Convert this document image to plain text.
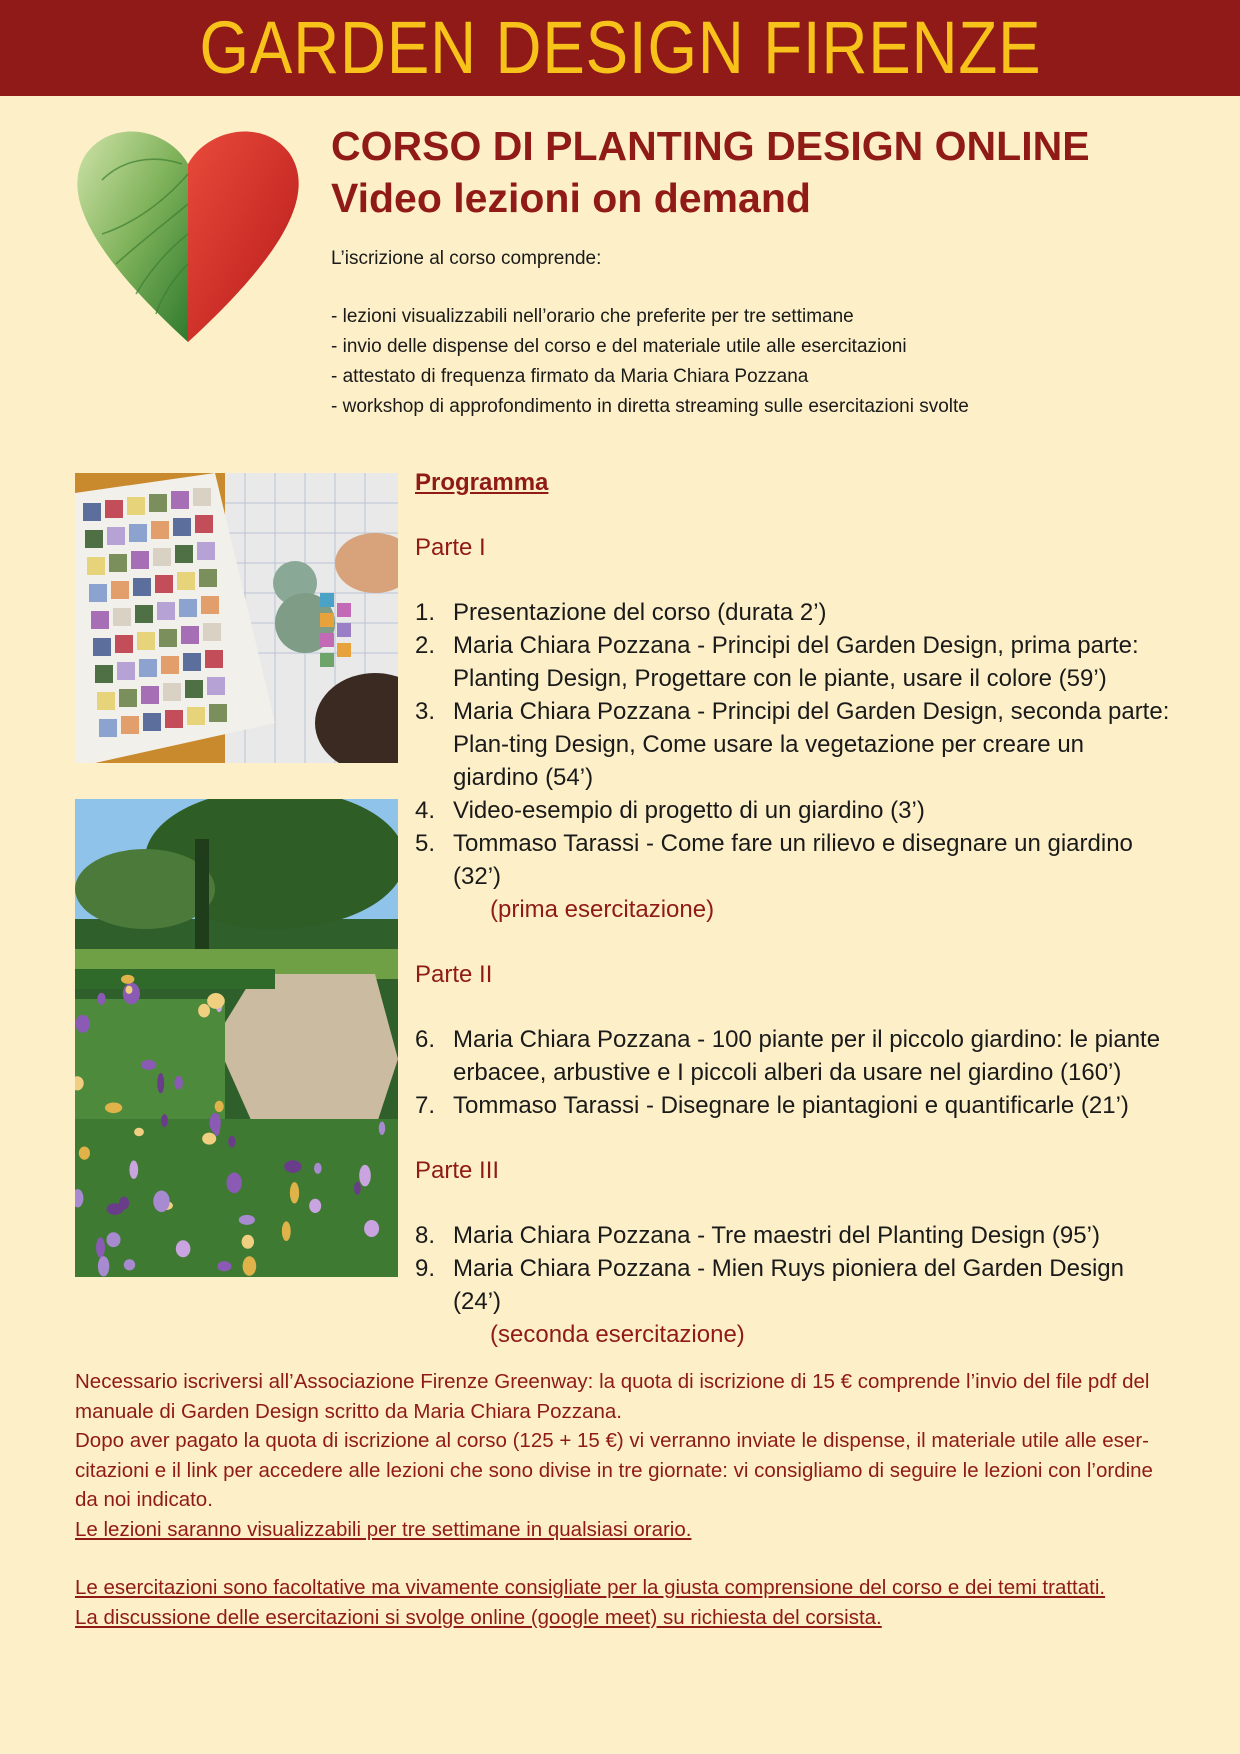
GARDEN DESIGN FIRENZE
CORSO DI PLANTING DESIGN ONLINE
Video lezioni on demand
L’iscrizione al corso comprende:
- lezioni visualizzabili nell’orario che preferite per tre settimane
- invio delle dispense del corso e del materiale utile alle esercitazioni
- attestato di frequenza firmato da Maria Chiara Pozzana
- workshop di approfondimento in diretta streaming sulle esercitazioni svolte
Programma
Parte I
1. Presentazione del corso (durata 2’)
2. Maria Chiara Pozzana - Principi del Garden Design, prima parte: Planting Design, Progettare con le piante, usare il colore (59’)
3. Maria Chiara Pozzana - Principi del Garden Design, seconda parte: Plan-ting Design, Come usare la vegetazione per creare un giardino (54’)
4. Video-esempio di progetto di un giardino (3’)
5. Tommaso Tarassi - Come fare un rilievo e disegnare un giardino (32’)
(prima esercitazione)
Parte II
6. Maria Chiara Pozzana - 100 piante per il piccolo giardino: le piante erbacee, arbustive e I piccoli alberi da usare nel giardino (160’)
7. Tommaso Tarassi - Disegnare le piantagioni e quantificarle (21’)
Parte III
8. Maria Chiara Pozzana - Tre maestri del Planting Design (95’)
9. Maria Chiara Pozzana - Mien Ruys pioniera del Garden Design (24’)
(seconda esercitazione)
Necessario iscriversi all’Associazione Firenze Greenway: la quota di iscrizione di 15 € comprende l’invio del file pdf del manuale di Garden Design scritto da Maria Chiara Pozzana.
Dopo aver pagato la quota di iscrizione al corso (125 + 15 €) vi verranno inviate le dispense, il materiale utile alle eser-citazioni e il link per accedere alle lezioni che sono divise in tre giornate: vi consigliamo di seguire le lezioni con l’ordine da noi indicato.
Le lezioni saranno visualizzabili per tre settimane in qualsiasi orario.
Le esercitazioni sono facoltative ma vivamente consigliate per la giusta comprensione del corso e dei temi trattati.
La discussione delle esercitazioni si svolge online (google meet) su richiesta del corsista.
